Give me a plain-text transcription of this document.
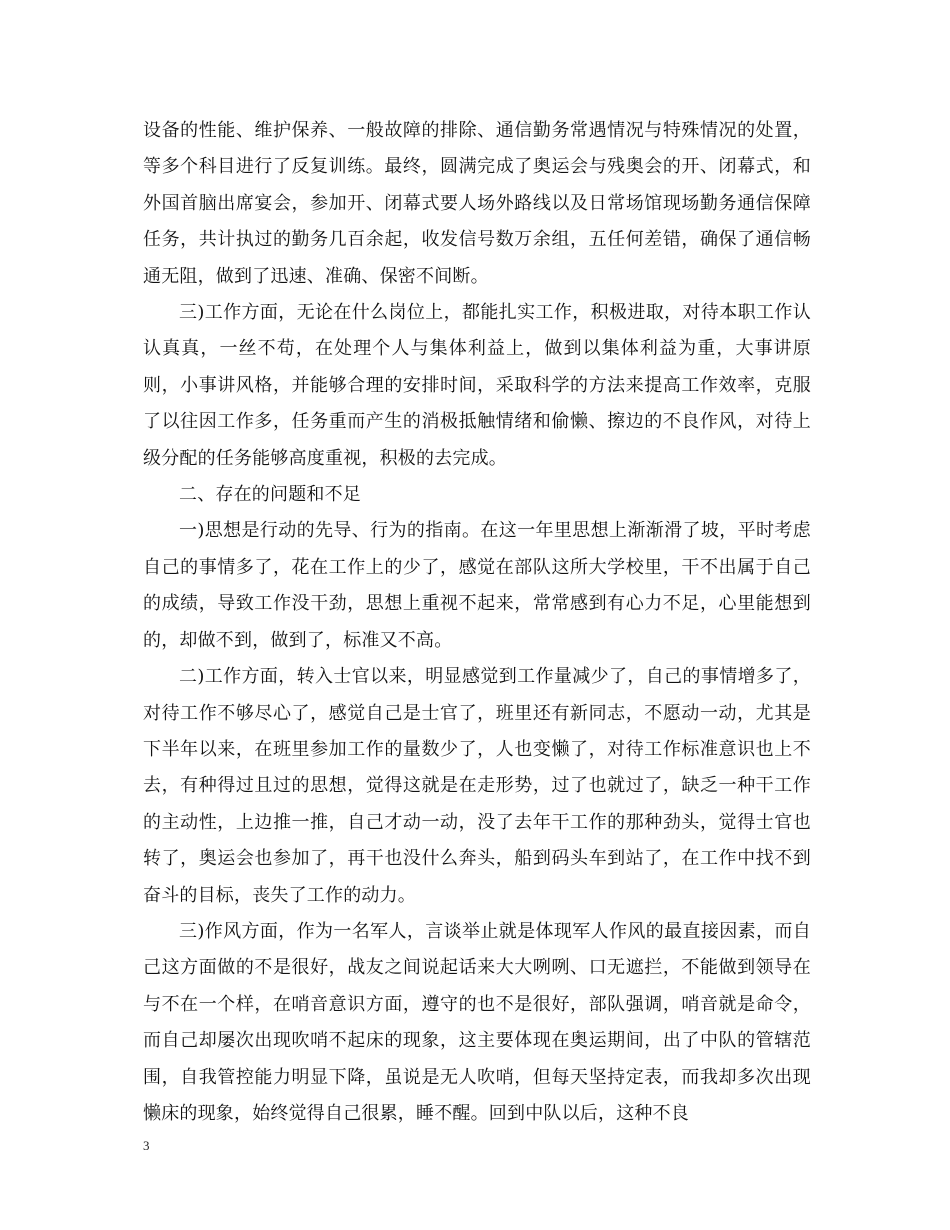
设备的性能、维护保养、一般故障的排除、通信勤务常遇情况与特殊情况的处置，等多个科目进行了反复训练。最终，圆满完成了奥运会与残奥会的开、闭幕式，和外国首脑出席宴会，参加开、闭幕式要人场外路线以及日常场馆现场勤务通信保障任务，共计执过的勤务几百余起，收发信号数万余组，五任何差错，确保了通信畅通无阻，做到了迅速、准确、保密不间断。

三)工作方面，无论在什么岗位上，都能扎实工作，积极进取，对待本职工作认认真真，一丝不苟，在处理个人与集体利益上，做到以集体利益为重，大事讲原则，小事讲风格，并能够合理的安排时间，采取科学的方法来提高工作效率，克服了以往因工作多，任务重而产生的消极抵触情绪和偷懒、擦边的不良作风，对待上级分配的任务能够高度重视，积极的去完成。

二、存在的问题和不足

一)思想是行动的先导、行为的指南。在这一年里思想上渐渐滑了坡，平时考虑自己的事情多了，花在工作上的少了，感觉在部队这所大学校里，干不出属于自己的成绩，导致工作没干劲，思想上重视不起来，常常感到有心力不足，心里能想到的，却做不到，做到了，标准又不高。

二)工作方面，转入士官以来，明显感觉到工作量减少了，自己的事情增多了，对待工作不够尽心了，感觉自己是士官了，班里还有新同志，不愿动一动，尤其是下半年以来，在班里参加工作的量数少了，人也变懒了，对待工作标准意识也上不去，有种得过且过的思想，觉得这就是在走形势，过了也就过了，缺乏一种干工作的主动性，上边推一推，自己才动一动，没了去年干工作的那种劲头，觉得士官也转了，奥运会也参加了，再干也没什么奔头，船到码头车到站了，在工作中找不到奋斗的目标，丧失了工作的动力。

三)作风方面，作为一名军人，言谈举止就是体现军人作风的最直接因素，而自己这方面做的不是很好，战友之间说起话来大大咧咧、口无遮拦，不能做到领导在与不在一个样，在哨音意识方面，遵守的也不是很好，部队强调，哨音就是命令，而自己却屡次出现吹哨不起床的现象，这主要体现在奥运期间，出了中队的管辖范围，自我管控能力明显下降，虽说是无人吹哨，但每天坚持定表，而我却多次出现懒床的现象，始终觉得自己很累，睡不醒。回到中队以后，这种不良

3
